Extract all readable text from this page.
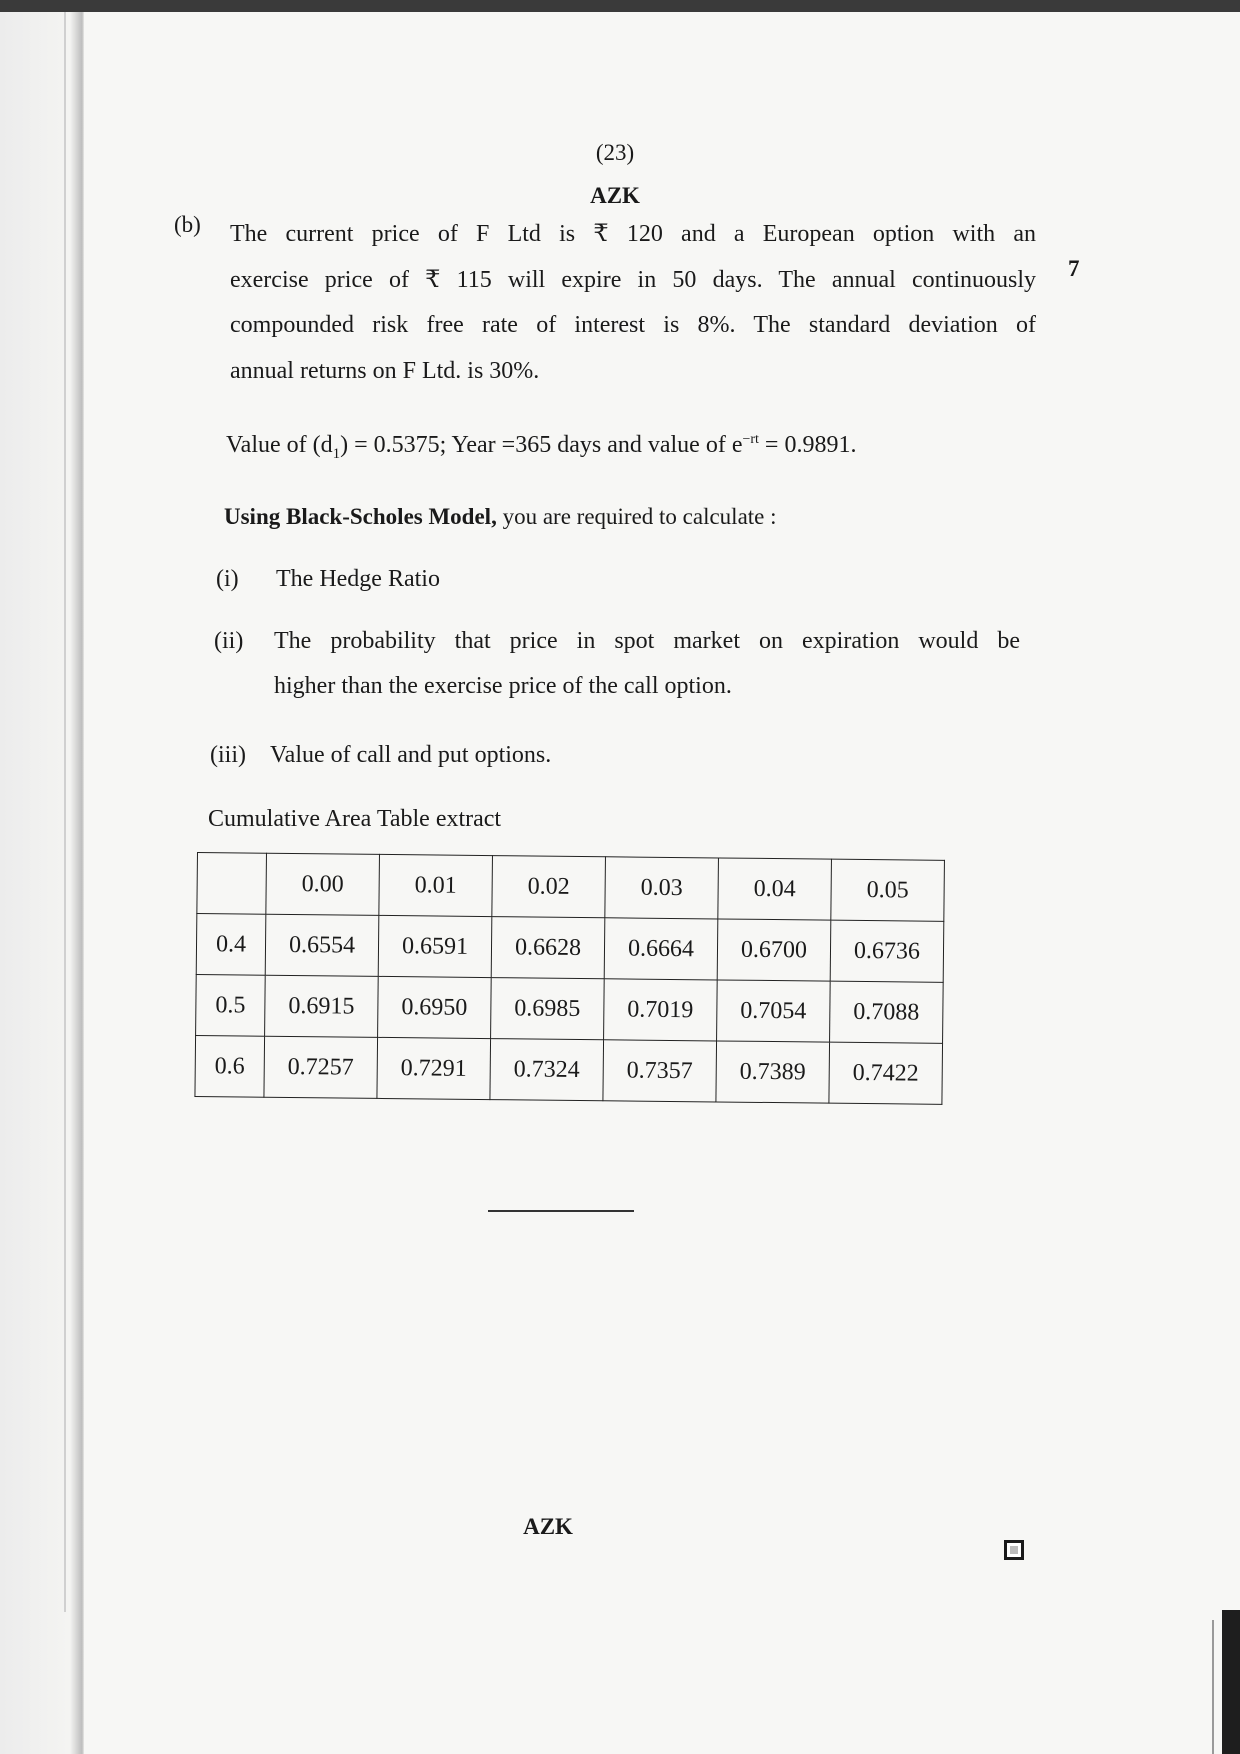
(23)
AZK
(b)
7
The current price of F Ltd is ₹ 120 and a European option with an
exercise price of ₹ 115 will expire in 50 days. The annual continuously
compounded risk free rate of interest is 8%. The standard deviation of
annual returns on F Ltd. is 30%.
Value of $(d_1) = 0.5375$; Year =365 days and value of $e^{-rt} = 0.9891$.
Using Black-Scholes Model, you are required to calculate :
(i) The Hedge Ratio
(ii) The probability that price in spot market on expiration would be
higher than the exercise price of the call option.
(iii) Value of call and put options.
Cumulative Area Table extract
	0.00	0.01	0.02	0.03	0.04	0.05
0.4	0.6554	0.6591	0.6628	0.6664	0.6700	0.6736
0.5	0.6915	0.6950	0.6985	0.7019	0.7054	0.7088
0.6	0.7257	0.7291	0.7324	0.7357	0.7389	0.7422
AZK
